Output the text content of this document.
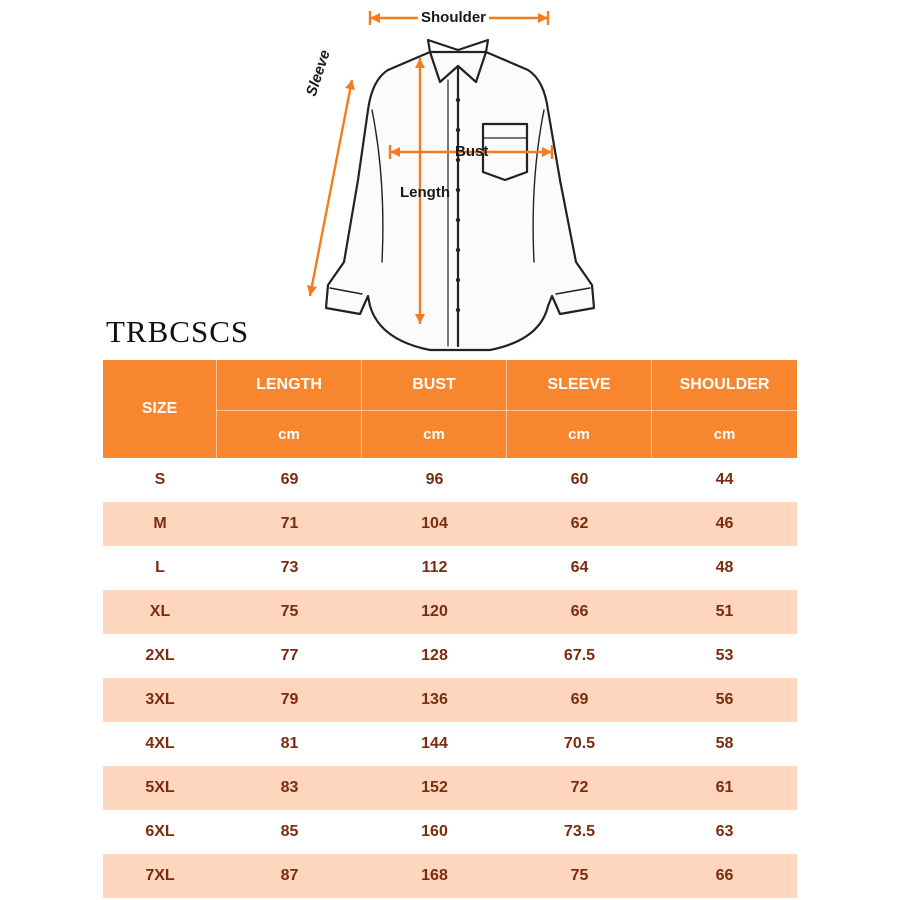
Shoulder
Sleeve
Bust
Length
TRBCSCS
SIZE
LENGTH	BUST	SLEEVE	SHOULDER
cm	cm	cm	cm
S	69	96	60	44
M	71	104	62	46
L	73	112	64	48
XL	75	120	66	51
2XL	77	128	67.5	53
3XL	79	136	69	56
4XL	81	144	70.5	58
5XL	83	152	72	61
6XL	85	160	73.5	63
7XL	87	168	75	66
